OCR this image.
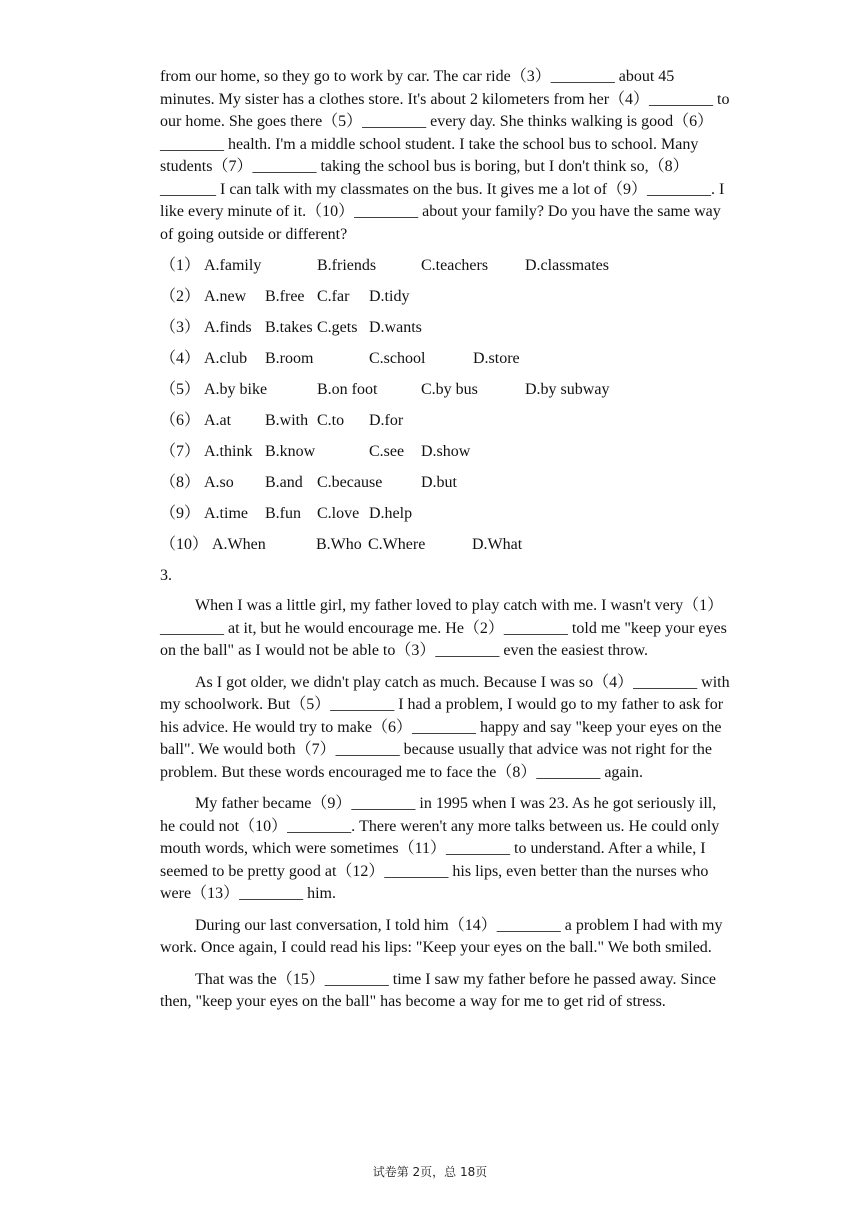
from our home, so they go to work by car. The car ride（3）________ about 45 minutes. My sister has a clothes store. It's about 2 kilometers from her（4）________ to our home. She goes there（5）________ every day. She thinks walking is good（6）________ health. I'm a middle school student. I take the school bus to school. Many students（7）________ taking the school bus is boring, but I don't think so,（8）_______ I can talk with my classmates on the bus. It gives me a lot of（9）________. I like every minute of it.（10）________ about your family? Do you have the same way of going outside or different?

（1） A.family	B.friends	C.teachers	D.classmates
（2） A.new	B.free C.far	D.tidy
（3） A.finds B.takes C.gets D.wants
（4） A.club	B.room	C.school	D.store
（5） A.by bike	B.on foot	C.by bus	D.by subway
（6） A.at	B.with C.to	D.for
（7） A.think B.know	C.see	D.show
（8） A.so	B.and C.because	D.but
（9） A.time	B.fun	C.love D.help
（10） A.When	B.Who C.Where	D.What

3.

When I was a little girl, my father loved to play catch with me. I wasn't very（1）________ at it, but he would encourage me. He（2）________ told me "keep your eyes on the ball" as I would not be able to（3）________ even the easiest throw.

As I got older, we didn't play catch as much. Because I was so（4）________ with my schoolwork. But（5）________ I had a problem, I would go to my father to ask for his advice. He would try to make（6）________ happy and say "keep your eyes on the ball". We would both（7）________ because usually that advice was not right for the problem. But these words encouraged me to face the（8）________ again.

My father became（9）________ in 1995 when I was 23. As he got seriously ill, he could not（10）________. There weren't any more talks between us. He could only mouth words, which were sometimes（11）________ to understand. After a while, I seemed to be pretty good at（12）________ his lips, even better than the nurses who were（13）________ him.

During our last conversation, I told him（14）________ a problem I had with my work. Once again, I could read his lips: "Keep your eyes on the ball." We both smiled.

That was the（15）________ time I saw my father before he passed away. Since then, "keep your eyes on the ball" has become a way for me to get rid of stress.

试卷第 2页，总 18页
